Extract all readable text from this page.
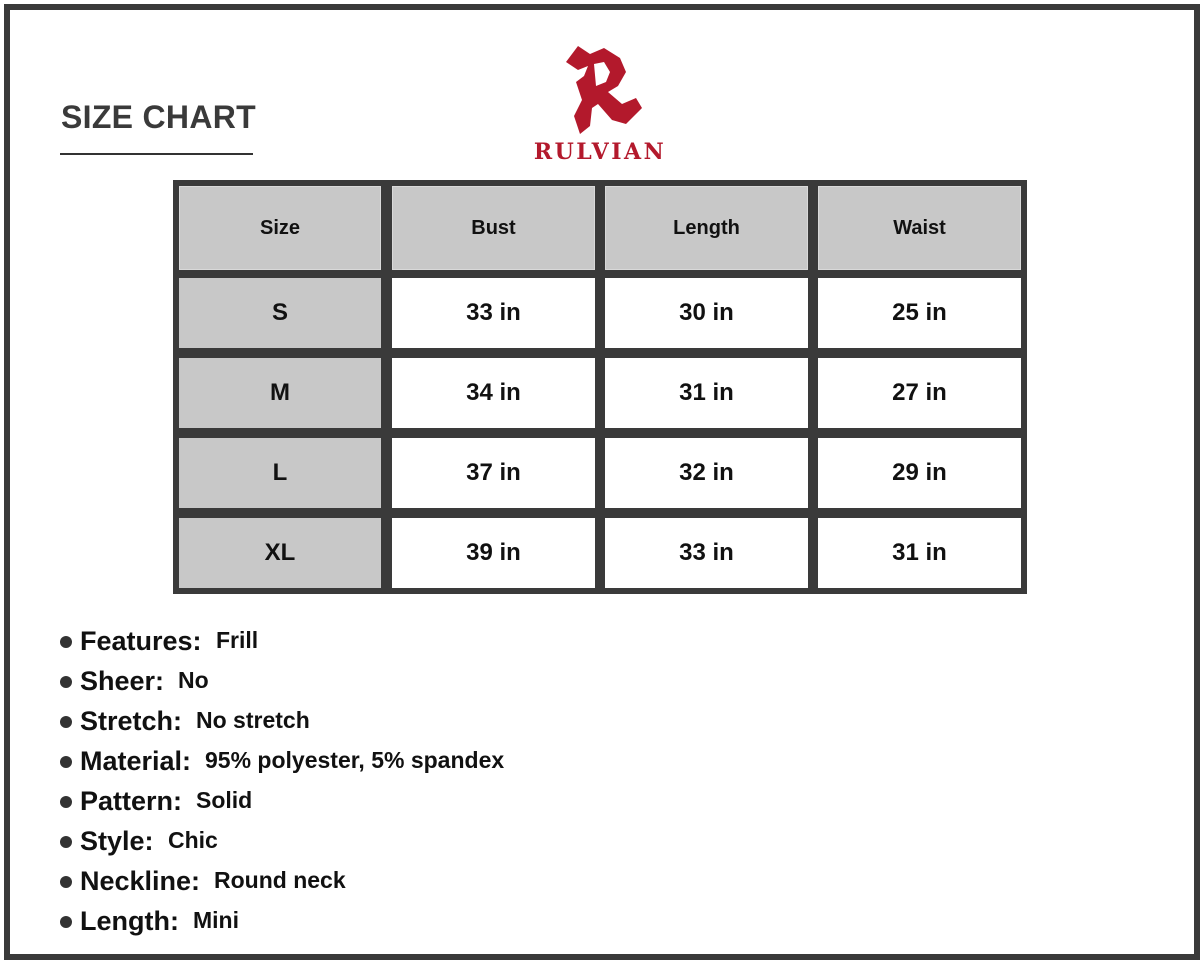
SIZE CHART
RULVIAN
Size	Bust	Length	Waist
S	33 in	30 in	25 in
M	34 in	31 in	27 in
L	37 in	32 in	29 in
XL	39 in	33 in	31 in
Features: Frill
Sheer: No
Stretch: No stretch
Material: 95% polyester, 5% spandex
Pattern: Solid
Style: Chic
Neckline: Round neck
Length: Mini
